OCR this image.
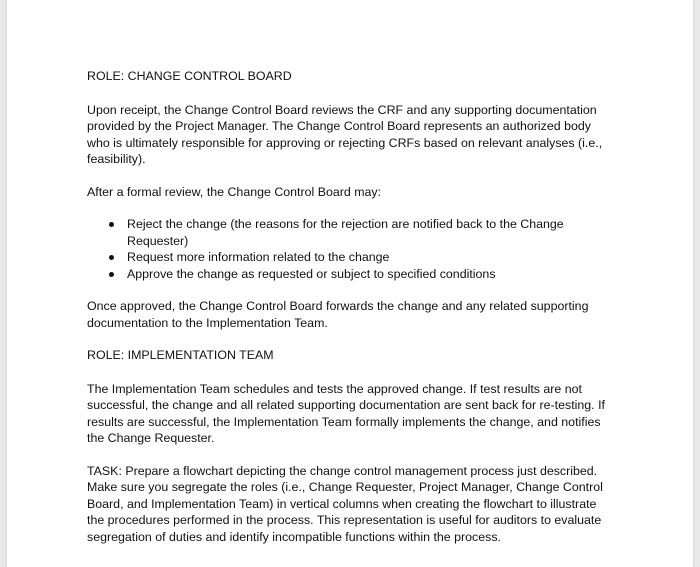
ROLE: CHANGE CONTROL BOARD

Upon receipt, the Change Control Board reviews the CRF and any supporting documentation provided by the Project Manager. The Change Control Board represents an authorized body who is ultimately responsible for approving or rejecting CRFs based on relevant analyses (i.e., feasibility).

After a formal review, the Change Control Board may:

Reject the change (the reasons for the rejection are notified back to the Change Requester)
Request more information related to the change
Approve the change as requested or subject to specified conditions

Once approved, the Change Control Board forwards the change and any related supporting documentation to the Implementation Team.

ROLE: IMPLEMENTATION TEAM

The Implementation Team schedules and tests the approved change. If test results are not successful, the change and all related supporting documentation are sent back for re-testing. If results are successful, the Implementation Team formally implements the change, and notifies the Change Requester.

TASK: Prepare a flowchart depicting the change control management process just described. Make sure you segregate the roles (i.e., Change Requester, Project Manager, Change Control Board, and Implementation Team) in vertical columns when creating the flowchart to illustrate the procedures performed in the process. This representation is useful for auditors to evaluate segregation of duties and identify incompatible functions within the process.
